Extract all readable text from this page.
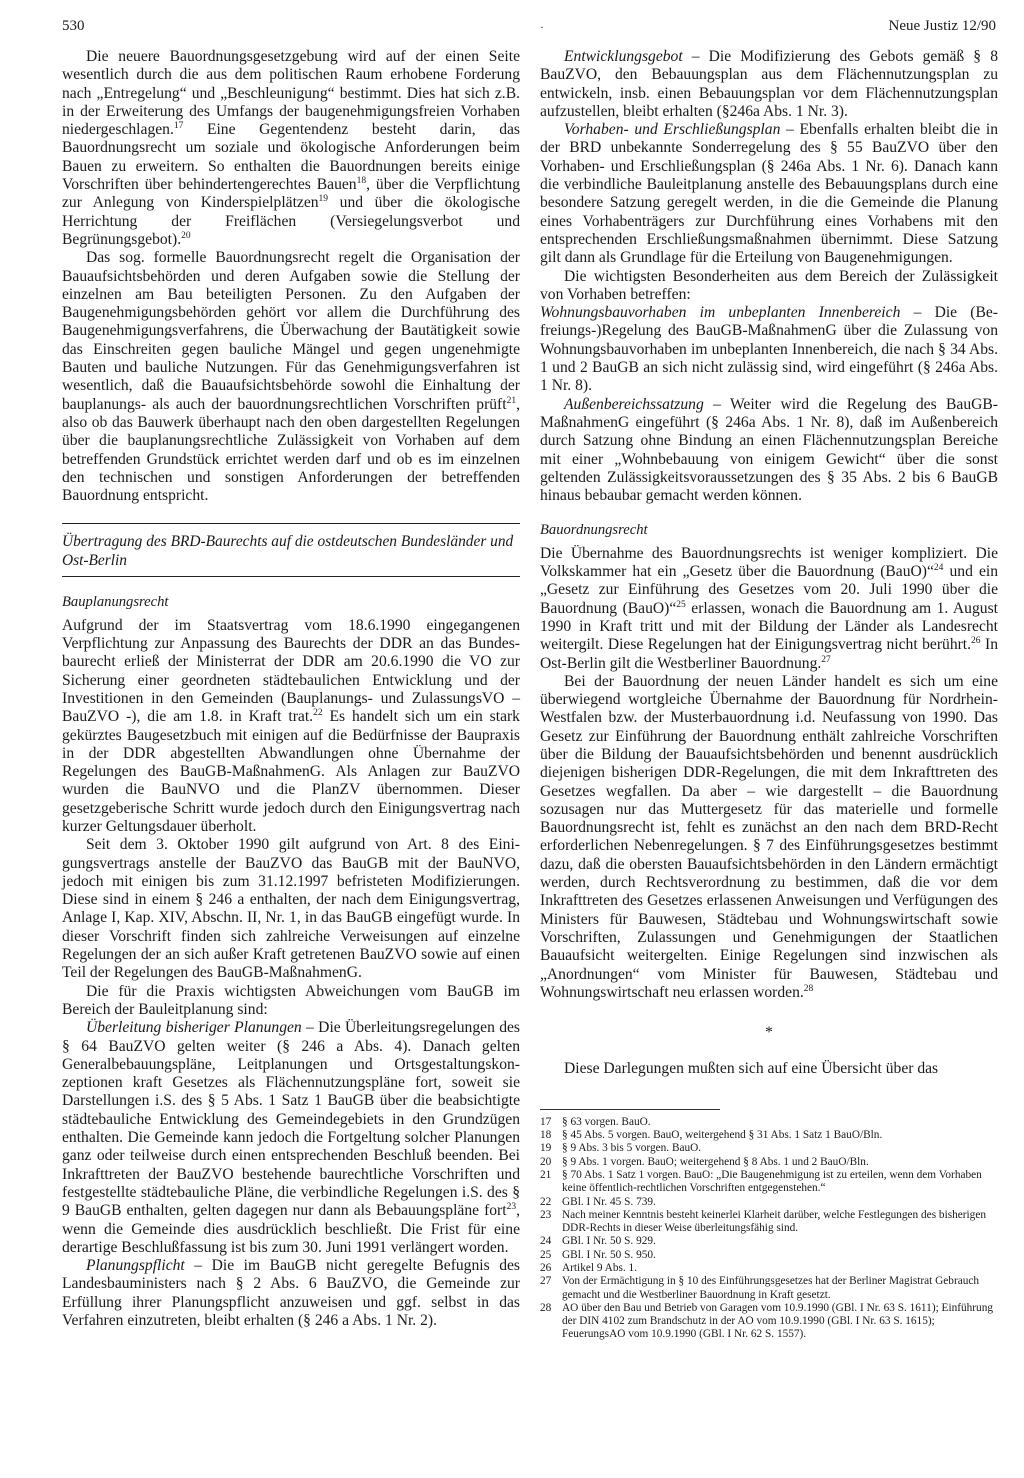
530	Neue Justiz 12/90

Die neuere Bauordnungsgesetzgebung wird auf der einen Seite wesentlich durch die aus dem politischen Raum erhobene Forderung nach „Entregelung“ und „Beschleunigung“ bestimmt. Dies hat sich z.B. in der Erweiterung des Umfangs der baugenehmigungsfreien Vorhaben niedergeschlagen.$^{17}$ Eine Gegentendenz besteht darin, das Bauordnungsrecht um soziale und ökologische Anforderungen beim Bauen zu erweitern. So enthalten die Bauordnungen bereits einige Vorschriften über behindertengerechtes Bauen$^{18}$, über die Verpflichtung zur Anlegung von Kinderspielplätzen$^{19}$ und über die ökologische Herrichtung der Freiflächen (Versiegelungsverbot und Begrünungsgebot).$^{20}$

Das sog. formelle Bauordnungsrecht regelt die Organisation der Bauaufsichtsbehörden und deren Aufgaben sowie die Stellung der einzelnen am Bau beteiligten Personen. Zu den Aufgaben der Baugenehmigungsbehörden gehört vor allem die Durchführung des Baugenehmigungsverfahrens, die Überwachung der Bautätigkeit sowie das Einschreiten gegen bauliche Mängel und gegen ungenehmigte Bauten und bauliche Nutzungen. Für das Genehmigungsverfahren ist wesentlich, daß die Bauaufsichtsbehörde sowohl die Einhaltung der bauplanungs- als auch der bauordnungsrechtlichen Vorschriften prüft$^{21}$, also ob das Bauwerk überhaupt nach den oben dargestellten Regelungen über die bauplanungsrechtliche Zulässigkeit von Vorhaben auf dem betreffenden Grundstück errichtet werden darf und ob es im einzelnen den technischen und sonstigen Anforderungen der betreffenden Bauordnung entspricht.

Übertragung des BRD-Baurechts auf die ostdeutschen Bundesländer und Ost-Berlin

Bauplanungsrecht

Aufgrund der im Staatsvertrag vom 18.6.1990 eingegangenen Verpflichtung zur Anpassung des Baurechts der DDR an das Bundesbaurecht erließ der Ministerrat der DDR am 20.6.1990 die VO zur Sicherung einer geordneten städtebaulichen Entwicklung und der Investitionen in den Gemeinden (Bauplanungs- und ZulassungsVO – BauZVO -), die am 1.8. in Kraft trat.$^{22}$ Es handelt sich um ein stark gekürztes Baugesetzbuch mit einigen auf die Bedürfnisse der Baupraxis in der DDR abgestellten Abwandlungen ohne Übernahme der Regelungen des BauGB-MaßnahmenG. Als Anlagen zur BauZVO wurden die BauNVO und die PlanZV übernommen. Dieser gesetzgeberische Schritt wurde jedoch durch den Einigungsvertrag nach kurzer Geltungsdauer überholt.

Seit dem 3. Oktober 1990 gilt aufgrund von Art. 8 des Einigungsvertrags anstelle der BauZVO das BauGB mit der BauNVO, jedoch mit einigen bis zum 31.12.1997 befristeten Modifizierungen. Diese sind in einem § 246 a enthalten, der nach dem Einigungsvertrag, Anlage I, Kap. XIV, Abschn. II, Nr. 1, in das BauGB eingefügt wurde. In dieser Vorschrift finden sich zahlreiche Verweisungen auf einzelne Regelungen der an sich außer Kraft getretenen BauZVO sowie auf einen Teil der Regelungen des BauGB-MaßnahmenG.

Die für die Praxis wichtigsten Abweichungen vom BauGB im Bereich der Bauleitplanung sind:

Überleitung bisheriger Planungen – Die Überleitungsregelungen des § 64 BauZVO gelten weiter (§ 246 a Abs. 4). Danach gelten Generalbebauungspläne, Leitplanungen und Ortsgestaltungskonzeptionen kraft Gesetzes als Flächennutzungspläne fort, soweit sie Darstellungen i.S. des § 5 Abs. 1 Satz 1 BauGB über die beabsichtigte städtebauliche Entwicklung des Gemeindegebiets in den Grundzügen enthalten. Die Gemeinde kann jedoch die Fortgeltung solcher Planungen ganz oder teilweise durch einen entsprechenden Beschluß beenden. Bei Inkrafttreten der BauZVO bestehende baurechtliche Vorschriften und festgestellte städtebauliche Pläne, die verbindliche Regelungen i.S. des § 9 BauGB enthalten, gelten dagegen nur dann als Bebauungspläne fort$^{23}$, wenn die Gemeinde dies ausdrücklich beschließt. Die Frist für eine derartige Beschlußfassung ist bis zum 30. Juni 1991 verlängert worden.

Planungspflicht – Die im BauGB nicht geregelte Befugnis des Landesbauministers nach § 2 Abs. 6 BauZVO, die Gemeinde zur Erfüllung ihrer Planungspflicht anzuweisen und ggf. selbst in das Verfahren einzutreten, bleibt erhalten (§ 246 a Abs. 1 Nr. 2).

·

Entwicklungsgebot – Die Modifizierung des Gebots gemäß § 8 BauZVO, den Bebauungsplan aus dem Flächennutzungsplan zu entwickeln, insb. einen Bebauungsplan vor dem Flächennutzungsplan aufzustellen, bleibt erhalten (§246a Abs. 1 Nr. 3).

Vorhaben- und Erschließungsplan – Ebenfalls erhalten bleibt die in der BRD unbekannte Sonderregelung des § 55 BauZVO über den Vorhaben- und Erschließungsplan (§ 246a Abs. 1 Nr. 6). Danach kann die verbindliche Bauleitplanung anstelle des Bebauungsplans durch eine besondere Satzung geregelt werden, in die die Gemeinde die Planung eines Vorhabenträgers zur Durchführung eines Vorhabens mit den entsprechenden Erschließungsmaßnahmen übernimmt. Diese Satzung gilt dann als Grundlage für die Erteilung von Baugenehmigungen.

Die wichtigsten Besonderheiten aus dem Bereich der Zulässigkeit von Vorhaben betreffen:

Wohnungsbauvorhaben im unbeplanten Innenbereich – Die (Befreiungs-)Regelung des BauGB-MaßnahmenG über die Zulassung von Wohnungsbauvorhaben im unbeplanten Innenbereich, die nach § 34 Abs. 1 und 2 BauGB an sich nicht zulässig sind, wird eingeführt (§ 246a Abs. 1 Nr. 8).

Außenbereichssatzung – Weiter wird die Regelung des BauGB-MaßnahmenG eingeführt (§ 246a Abs. 1 Nr. 8), daß im Außenbereich durch Satzung ohne Bindung an einen Flächennutzungsplan Bereiche mit einer „Wohnbebauung von einigem Gewicht“ über die sonst geltenden Zulässigkeitsvoraussetzungen des § 35 Abs. 2 bis 6 BauGB hinaus bebaubar gemacht werden können.

Bauordnungsrecht

Die Übernahme des Bauordnungsrechts ist weniger kompliziert. Die Volkskammer hat ein „Gesetz über die Bauordnung (BauO)“$^{24}$ und ein „Gesetz zur Einführung des Gesetzes vom 20. Juli 1990 über die Bauordnung (BauO)“$^{25}$ erlassen, wonach die Bauordnung am 1. August 1990 in Kraft tritt und mit der Bildung der Länder als Landesrecht weitergilt. Diese Regelungen hat der Einigungsvertrag nicht berührt.$^{26}$ In Ost-Berlin gilt die Westberliner Bauordnung.$^{27}$

Bei der Bauordnung der neuen Länder handelt es sich um eine überwiegend wortgleiche Übernahme der Bauordnung für Nordrhein-Westfalen bzw. der Musterbauordnung i.d. Neufassung von 1990. Das Gesetz zur Einführung der Bauordnung enthält zahlreiche Vorschriften über die Bildung der Bauaufsichtsbehörden und benennt ausdrücklich diejenigen bisherigen DDR-Regelungen, die mit dem Inkrafttreten des Gesetzes wegfallen. Da aber – wie dargestellt – die Bauordnung sozusagen nur das Muttergesetz für das materielle und formelle Bauordnungsrecht ist, fehlt es zunächst an den nach dem BRD-Recht erforderlichen Nebenregelungen. § 7 des Einführungsgesetzes bestimmt dazu, daß die obersten Bauaufsichtsbehörden in den Ländern ermächtigt werden, durch Rechtsverordnung zu bestimmen, daß die vor dem Inkrafttreten des Gesetzes erlassenen Anweisungen und Verfügungen des Ministers für Bauwesen, Städtebau und Wohnungswirtschaft sowie Vorschriften, Zulassungen und Genehmigungen der Staatlichen Bauaufsicht weitergelten. Einige Regelungen sind inzwischen als „Anordnungen“ vom Minister für Bauwesen, Städtebau und Wohnungswirtschaft neu erlassen worden.$^{28}$

*

Diese Darlegungen mußten sich auf eine Übersicht über das

17 § 63 vorgen. BauO.
18 § 45 Abs. 5 vorgen. BauO, weitergehend § 31 Abs. 1 Satz 1 BauO/Bln.
19 § 9 Abs. 3 bis 5 vorgen. BauO.
20 § 9 Abs. 1 vorgen. BauO; weitergehend § 8 Abs. 1 und 2 BauO/Bln.
21 § 70 Abs. 1 Satz 1 vorgen. BauO: „Die Baugenehmigung ist zu erteilen, wenn dem Vorhaben keine öffentlich-rechtlichen Vorschriften entgegenstehen.“
22 GBl. I Nr. 45 S. 739.
23 Nach meiner Kenntnis besteht keinerlei Klarheit darüber, welche Festlegungen des bisherigen DDR-Rechts in dieser Weise überleitungsfähig sind.
24 GBl. I Nr. 50 S. 929.
25 GBl. I Nr. 50 S. 950.
26 Artikel 9 Abs. 1.
27 Von der Ermächtigung in § 10 des Einführungsgesetzes hat der Berliner Magistrat Gebrauch gemacht und die Westberliner Bauordnung in Kraft gesetzt.
28 AO über den Bau und Betrieb von Garagen vom 10.9.1990 (GBl. I Nr. 63 S. 1611); Einführung der DIN 4102 zum Brandschutz in der AO vom 10.9.1990 (GBl. I Nr. 63 S. 1615); FeuerungsAO vom 10.9.1990 (GBl. I Nr. 62 S. 1557).
